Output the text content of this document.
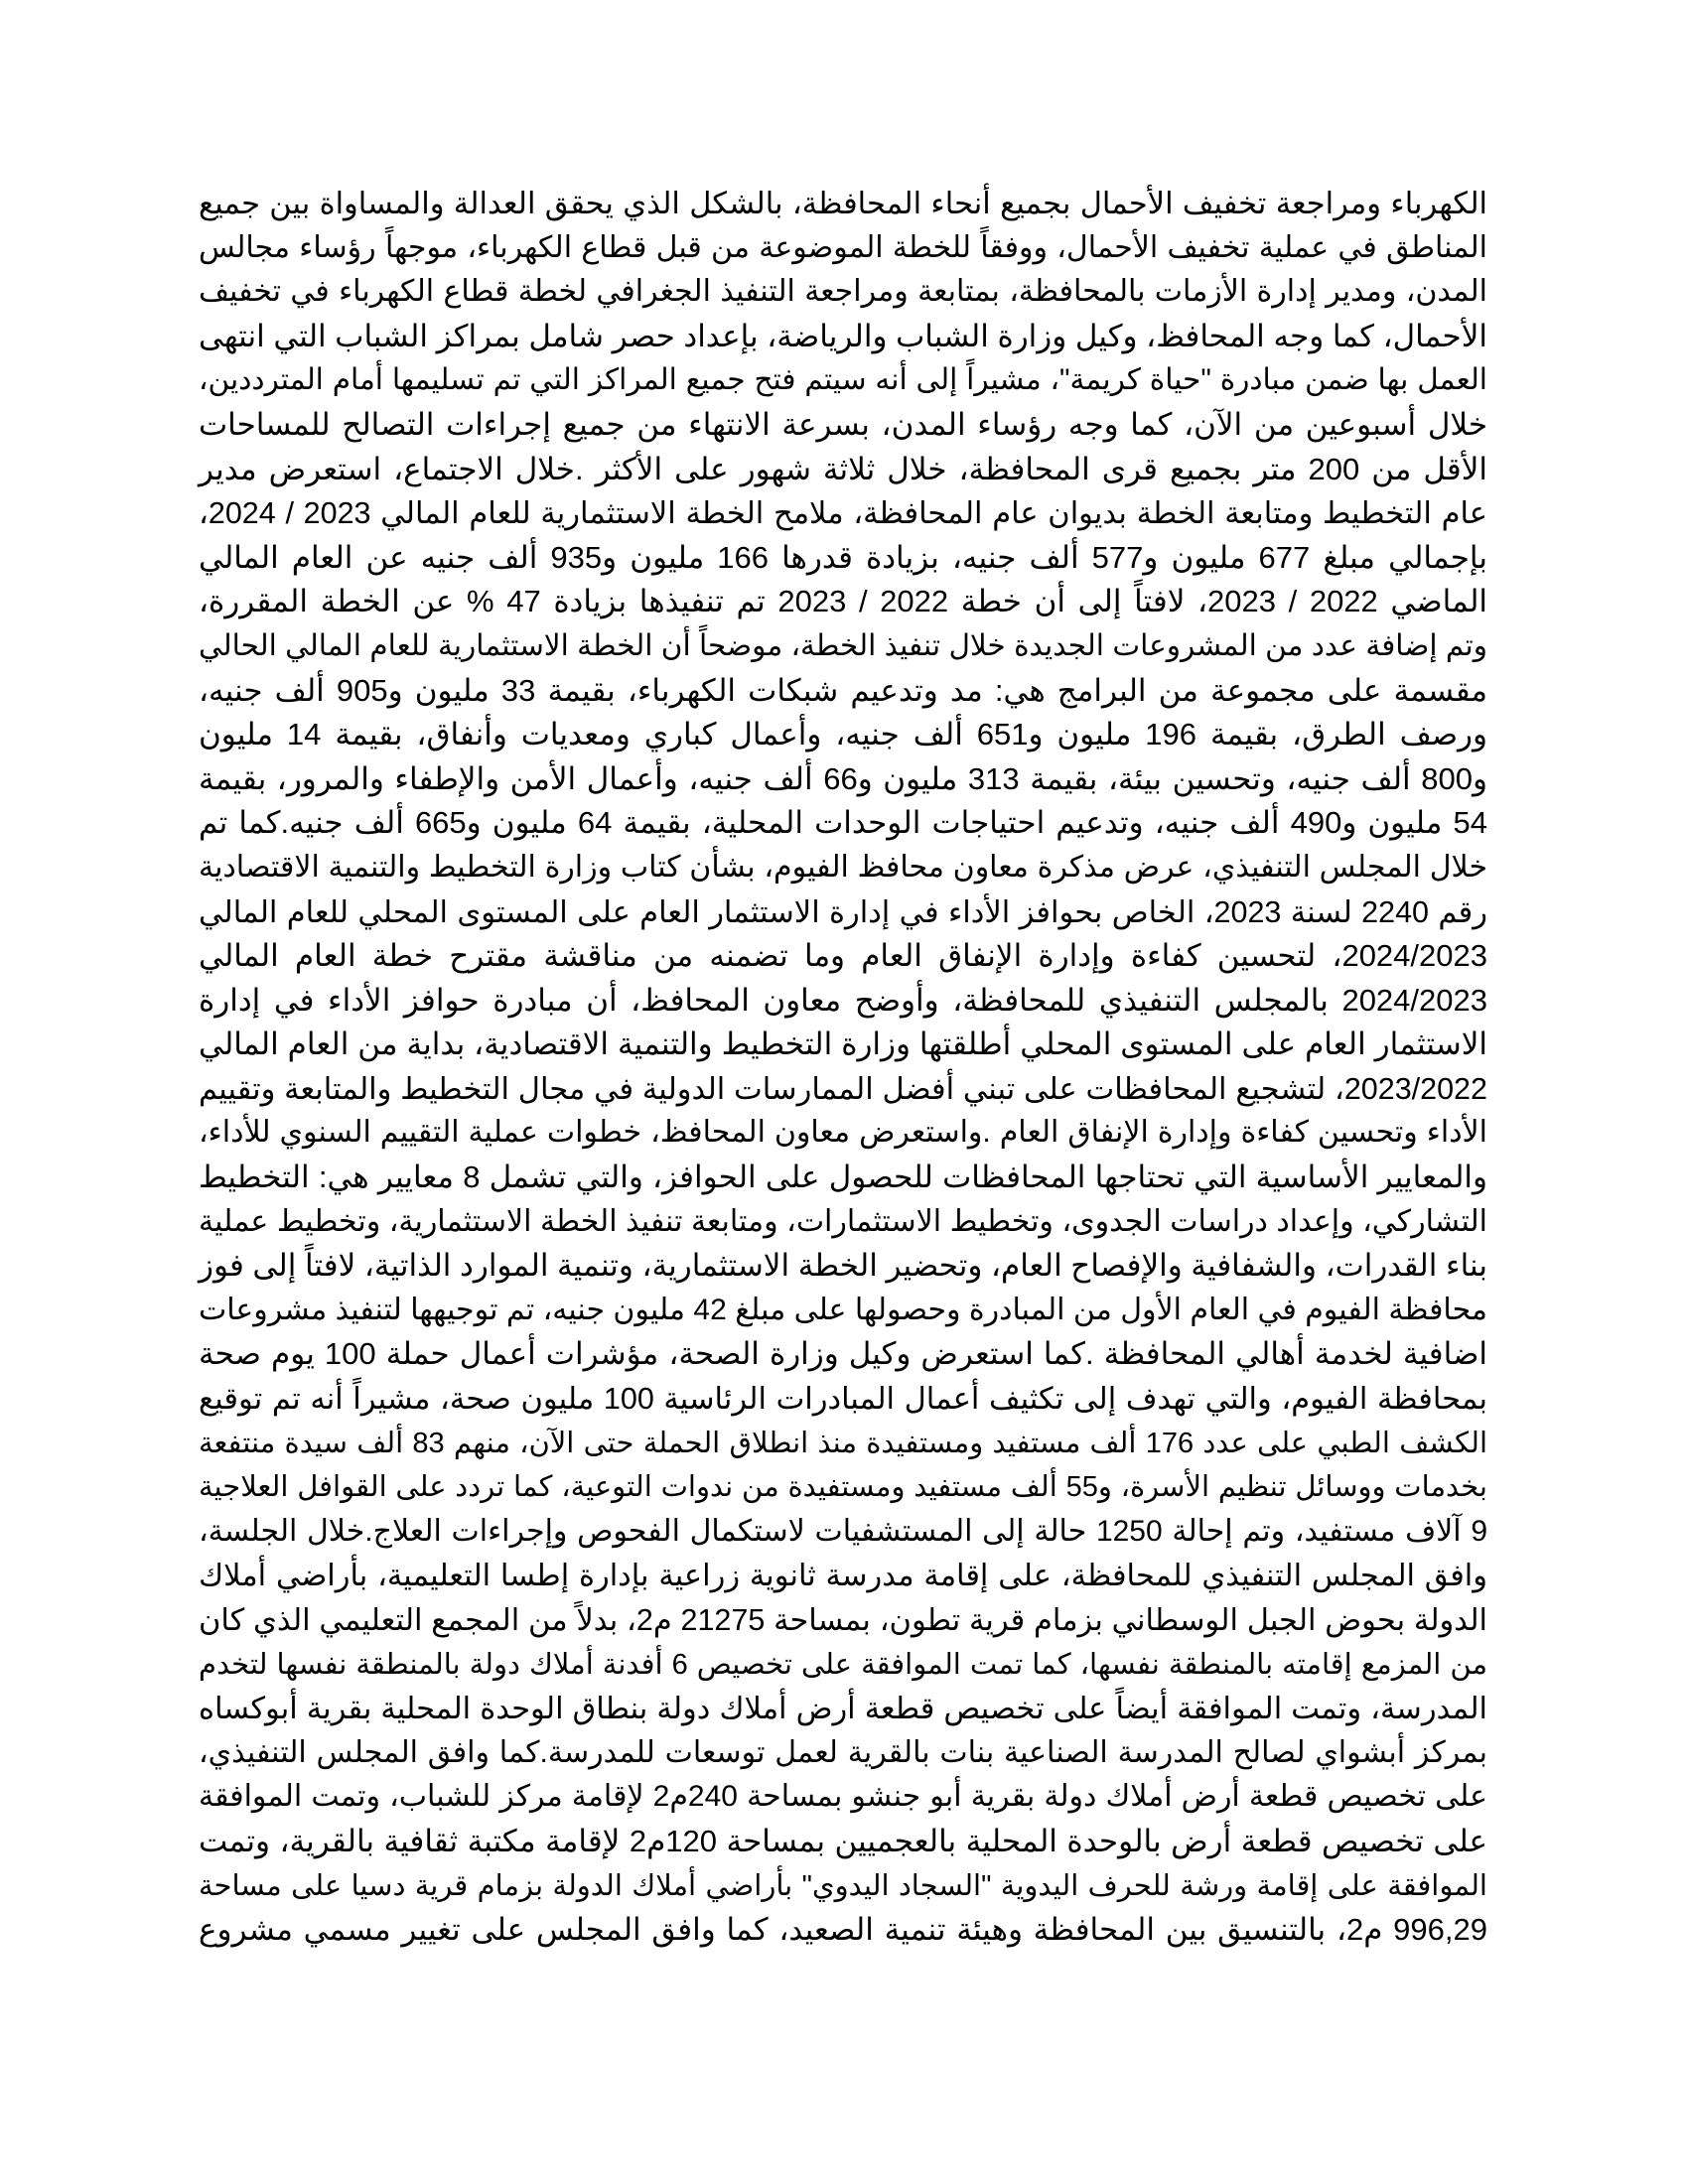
الكهرباء ومراجعة تخفيف الأحمال بجميع أنحاء المحافظة، بالشكل الذي يحقق العدالة والمساواة بين جميع
المناطق في عملية تخفيف الأحمال، ووفقاً للخطة الموضوعة من قبل قطاع الكهرباء، موجهاً رؤساء مجالس
المدن، ومدير إدارة الأزمات بالمحافظة، بمتابعة ومراجعة التنفيذ الجغرافي لخطة قطاع الكهرباء في تخفيف
الأحمال، كما وجه المحافظ، وكيل وزارة الشباب والرياضة، بإعداد حصر شامل بمراكز الشباب التي انتهى
العمل بها ضمن مبادرة "حياة كريمة"، مشيراً إلى أنه سيتم فتح جميع المراكز التي تم تسليمها أمام المترددين،
خلال أسبوعين من الآن، كما وجه رؤساء المدن، بسرعة الانتهاء من جميع إجراءات التصالح للمساحات
الأقل من 200 متر بجميع قرى المحافظة، خلال ثلاثة شهور على الأكثر .خلال الاجتماع، استعرض مدير
عام التخطيط ومتابعة الخطة بديوان عام المحافظة، ملامح الخطة الاستثمارية للعام المالي 2023 / 2024،
بإجمالي مبلغ 677 مليون و577 ألف جنيه، بزيادة قدرها 166 مليون و935 ألف جنيه عن العام المالي
الماضي 2022 / 2023، لافتاً إلى أن خطة 2022 / 2023 تم تنفيذها بزيادة 47 % عن الخطة المقررة،
وتم إضافة عدد من المشروعات الجديدة خلال تنفيذ الخطة، موضحاً أن الخطة الاستثمارية للعام المالي الحالي
مقسمة على مجموعة من البرامج هي: مد وتدعيم شبكات الكهرباء، بقيمة 33 مليون و905 ألف جنيه،
ورصف الطرق، بقيمة 196 مليون و651 ألف جنيه، وأعمال كباري ومعديات وأنفاق، بقيمة 14 مليون
و800 ألف جنيه، وتحسين بيئة، بقيمة 313 مليون و66 ألف جنيه، وأعمال الأمن والإطفاء والمرور، بقيمة
54 مليون و490 ألف جنيه، وتدعيم احتياجات الوحدات المحلية، بقيمة 64 مليون و665 ألف جنيه.كما تم
خلال المجلس التنفيذي، عرض مذكرة معاون محافظ الفيوم، بشأن كتاب وزارة التخطيط والتنمية الاقتصادية
رقم 2240 لسنة 2023، الخاص بحوافز الأداء في إدارة الاستثمار العام على المستوى المحلي للعام المالي
2024/2023، لتحسين كفاءة وإدارة الإنفاق العام وما تضمنه من مناقشة مقترح خطة العام المالي
2024/2023 بالمجلس التنفيذي للمحافظة، وأوضح معاون المحافظ، أن مبادرة حوافز الأداء في إدارة
الاستثمار العام على المستوى المحلي أطلقتها وزارة التخطيط والتنمية الاقتصادية، بداية من العام المالي
2023/2022، لتشجيع المحافظات على تبني أفضل الممارسات الدولية في مجال التخطيط والمتابعة وتقييم
الأداء وتحسين كفاءة وإدارة الإنفاق العام .واستعرض معاون المحافظ، خطوات عملية التقييم السنوي للأداء،
والمعايير الأساسية التي تحتاجها المحافظات للحصول على الحوافز، والتي تشمل 8 معايير هي: التخطيط
التشاركي، وإعداد دراسات الجدوى، وتخطيط الاستثمارات، ومتابعة تنفيذ الخطة الاستثمارية، وتخطيط عملية
بناء القدرات، والشفافية والإفصاح العام، وتحضير الخطة الاستثمارية، وتنمية الموارد الذاتية، لافتاً إلى فوز
محافظة الفيوم في العام الأول من المبادرة وحصولها على مبلغ 42 مليون جنيه، تم توجيهها لتنفيذ مشروعات
اضافية لخدمة أهالي المحافظة .كما استعرض وكيل وزارة الصحة، مؤشرات أعمال حملة 100 يوم صحة
بمحافظة الفيوم، والتي تهدف إلى تكثيف أعمال المبادرات الرئاسية 100 مليون صحة، مشيراً أنه تم توقيع
الكشف الطبي على عدد 176 ألف مستفيد ومستفيدة منذ انطلاق الحملة حتى الآن، منهم 83 ألف سيدة منتفعة
بخدمات ووسائل تنظيم الأسرة، و55 ألف مستفيد ومستفيدة من ندوات التوعية، كما تردد على القوافل العلاجية
9 آلاف مستفيد، وتم إحالة 1250 حالة إلى المستشفيات لاستكمال الفحوص وإجراءات العلاج.خلال الجلسة،
وافق المجلس التنفيذي للمحافظة، على إقامة مدرسة ثانوية زراعية بإدارة إطسا التعليمية، بأراضي أملاك
الدولة بحوض الجبل الوسطاني بزمام قرية تطون، بمساحة 21275 م2، بدلاً من المجمع التعليمي الذي كان
من المزمع إقامته بالمنطقة نفسها، كما تمت الموافقة على تخصيص 6 أفدنة أملاك دولة بالمنطقة نفسها لتخدم
المدرسة، وتمت الموافقة أيضاً على تخصيص قطعة أرض أملاك دولة بنطاق الوحدة المحلية بقرية أبوكساه
بمركز أبشواي لصالح المدرسة الصناعية بنات بالقرية لعمل توسعات للمدرسة.كما وافق المجلس التنفيذي،
على تخصيص قطعة أرض أملاك دولة بقرية أبو جنشو بمساحة 240م2 لإقامة مركز للشباب، وتمت الموافقة
على تخصيص قطعة أرض بالوحدة المحلية بالعجميين بمساحة 120م2 لإقامة مكتبة ثقافية بالقرية، وتمت
الموافقة على إقامة ورشة للحرف اليدوية "السجاد اليدوي" بأراضي أملاك الدولة بزمام قرية دسيا على مساحة
996,29 م2، بالتنسيق بين المحافظة وهيئة تنمية الصعيد، كما وافق المجلس على تغيير مسمي مشروع
